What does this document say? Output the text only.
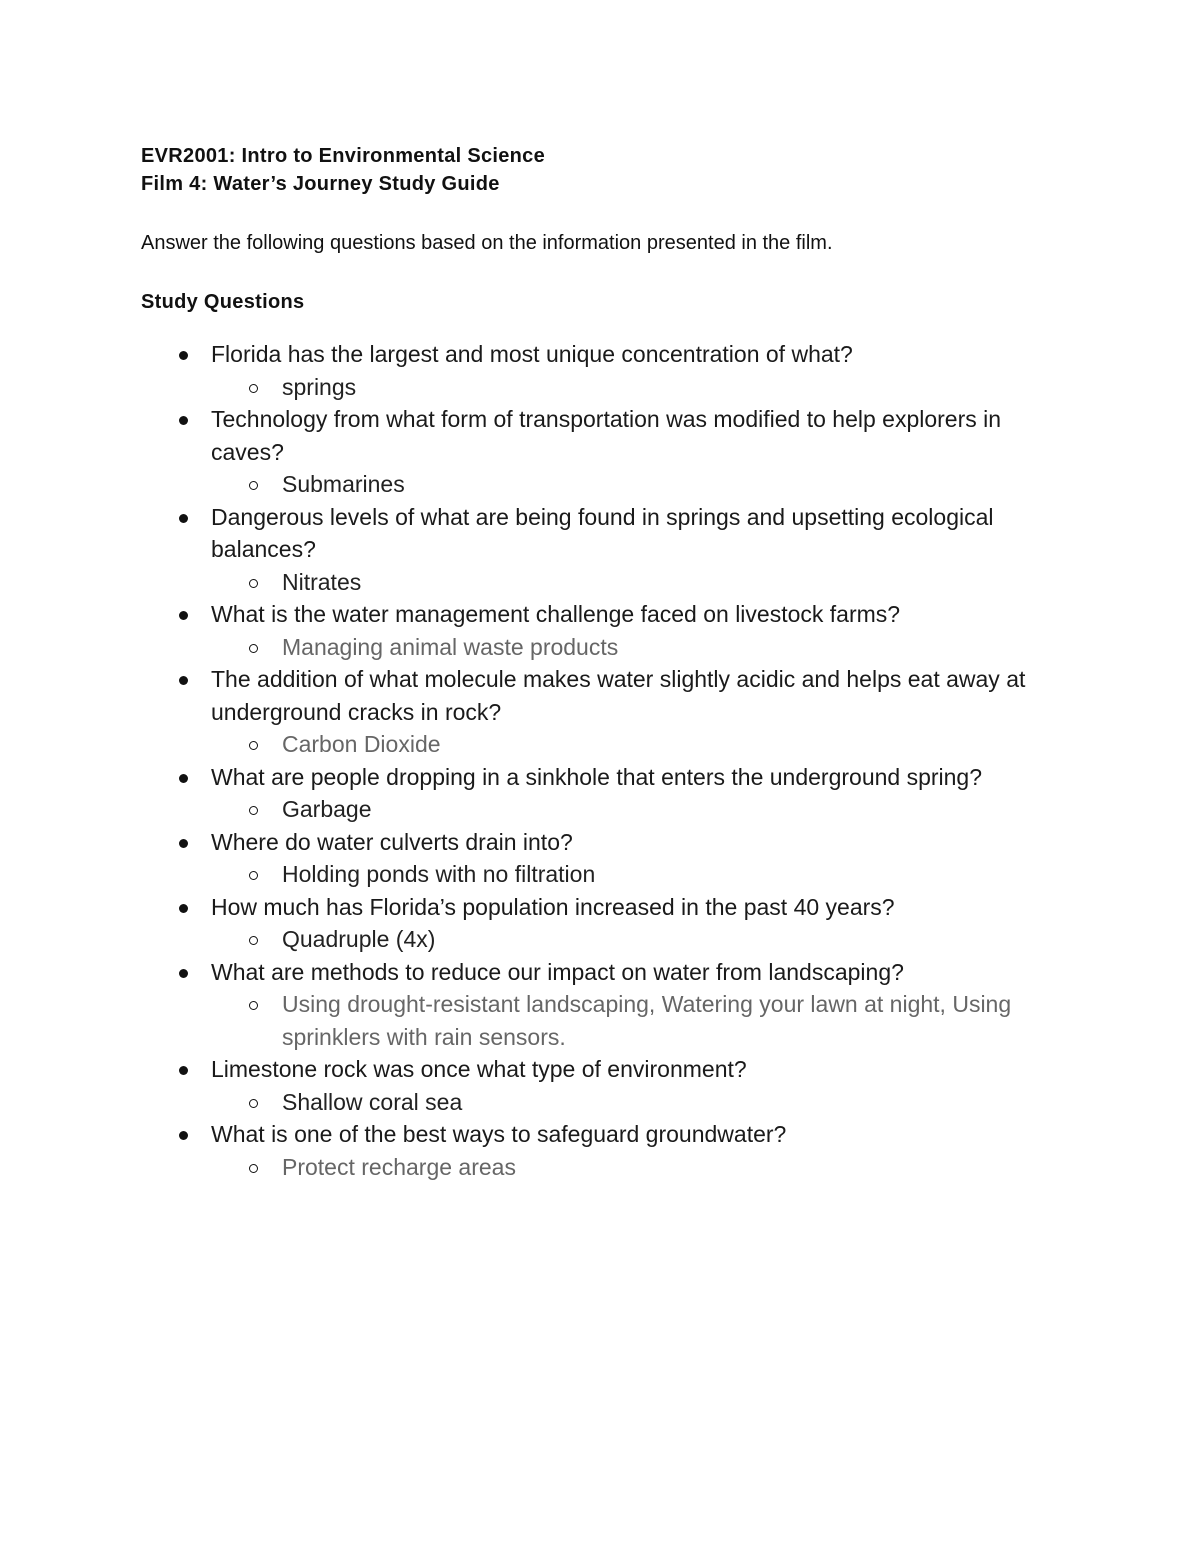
EVR2001: Intro to Environmental Science

Film 4: Water’s Journey Study Guide

Answer the following questions based on the information presented in the film.

Study Questions

Florida has the largest and most unique concentration of what?
springs
Technology from what form of transportation was modified to help explorers in caves?
Submarines
Dangerous levels of what are being found in springs and upsetting ecological balances?
Nitrates
What is the water management challenge faced on livestock farms?
Managing animal waste products
The addition of what molecule makes water slightly acidic and helps eat away at underground cracks in rock?
Carbon Dioxide
What are people dropping in a sinkhole that enters the underground spring?
Garbage
Where do water culverts drain into?
Holding ponds with no filtration
How much has Florida’s population increased in the past 40 years?
Quadruple (4x)
What are methods to reduce our impact on water from landscaping?
Using drought-resistant landscaping, Watering your lawn at night, Using sprinklers with rain sensors.
Limestone rock was once what type of environment?
Shallow coral sea
What is one of the best ways to safeguard groundwater?
Protect recharge areas
